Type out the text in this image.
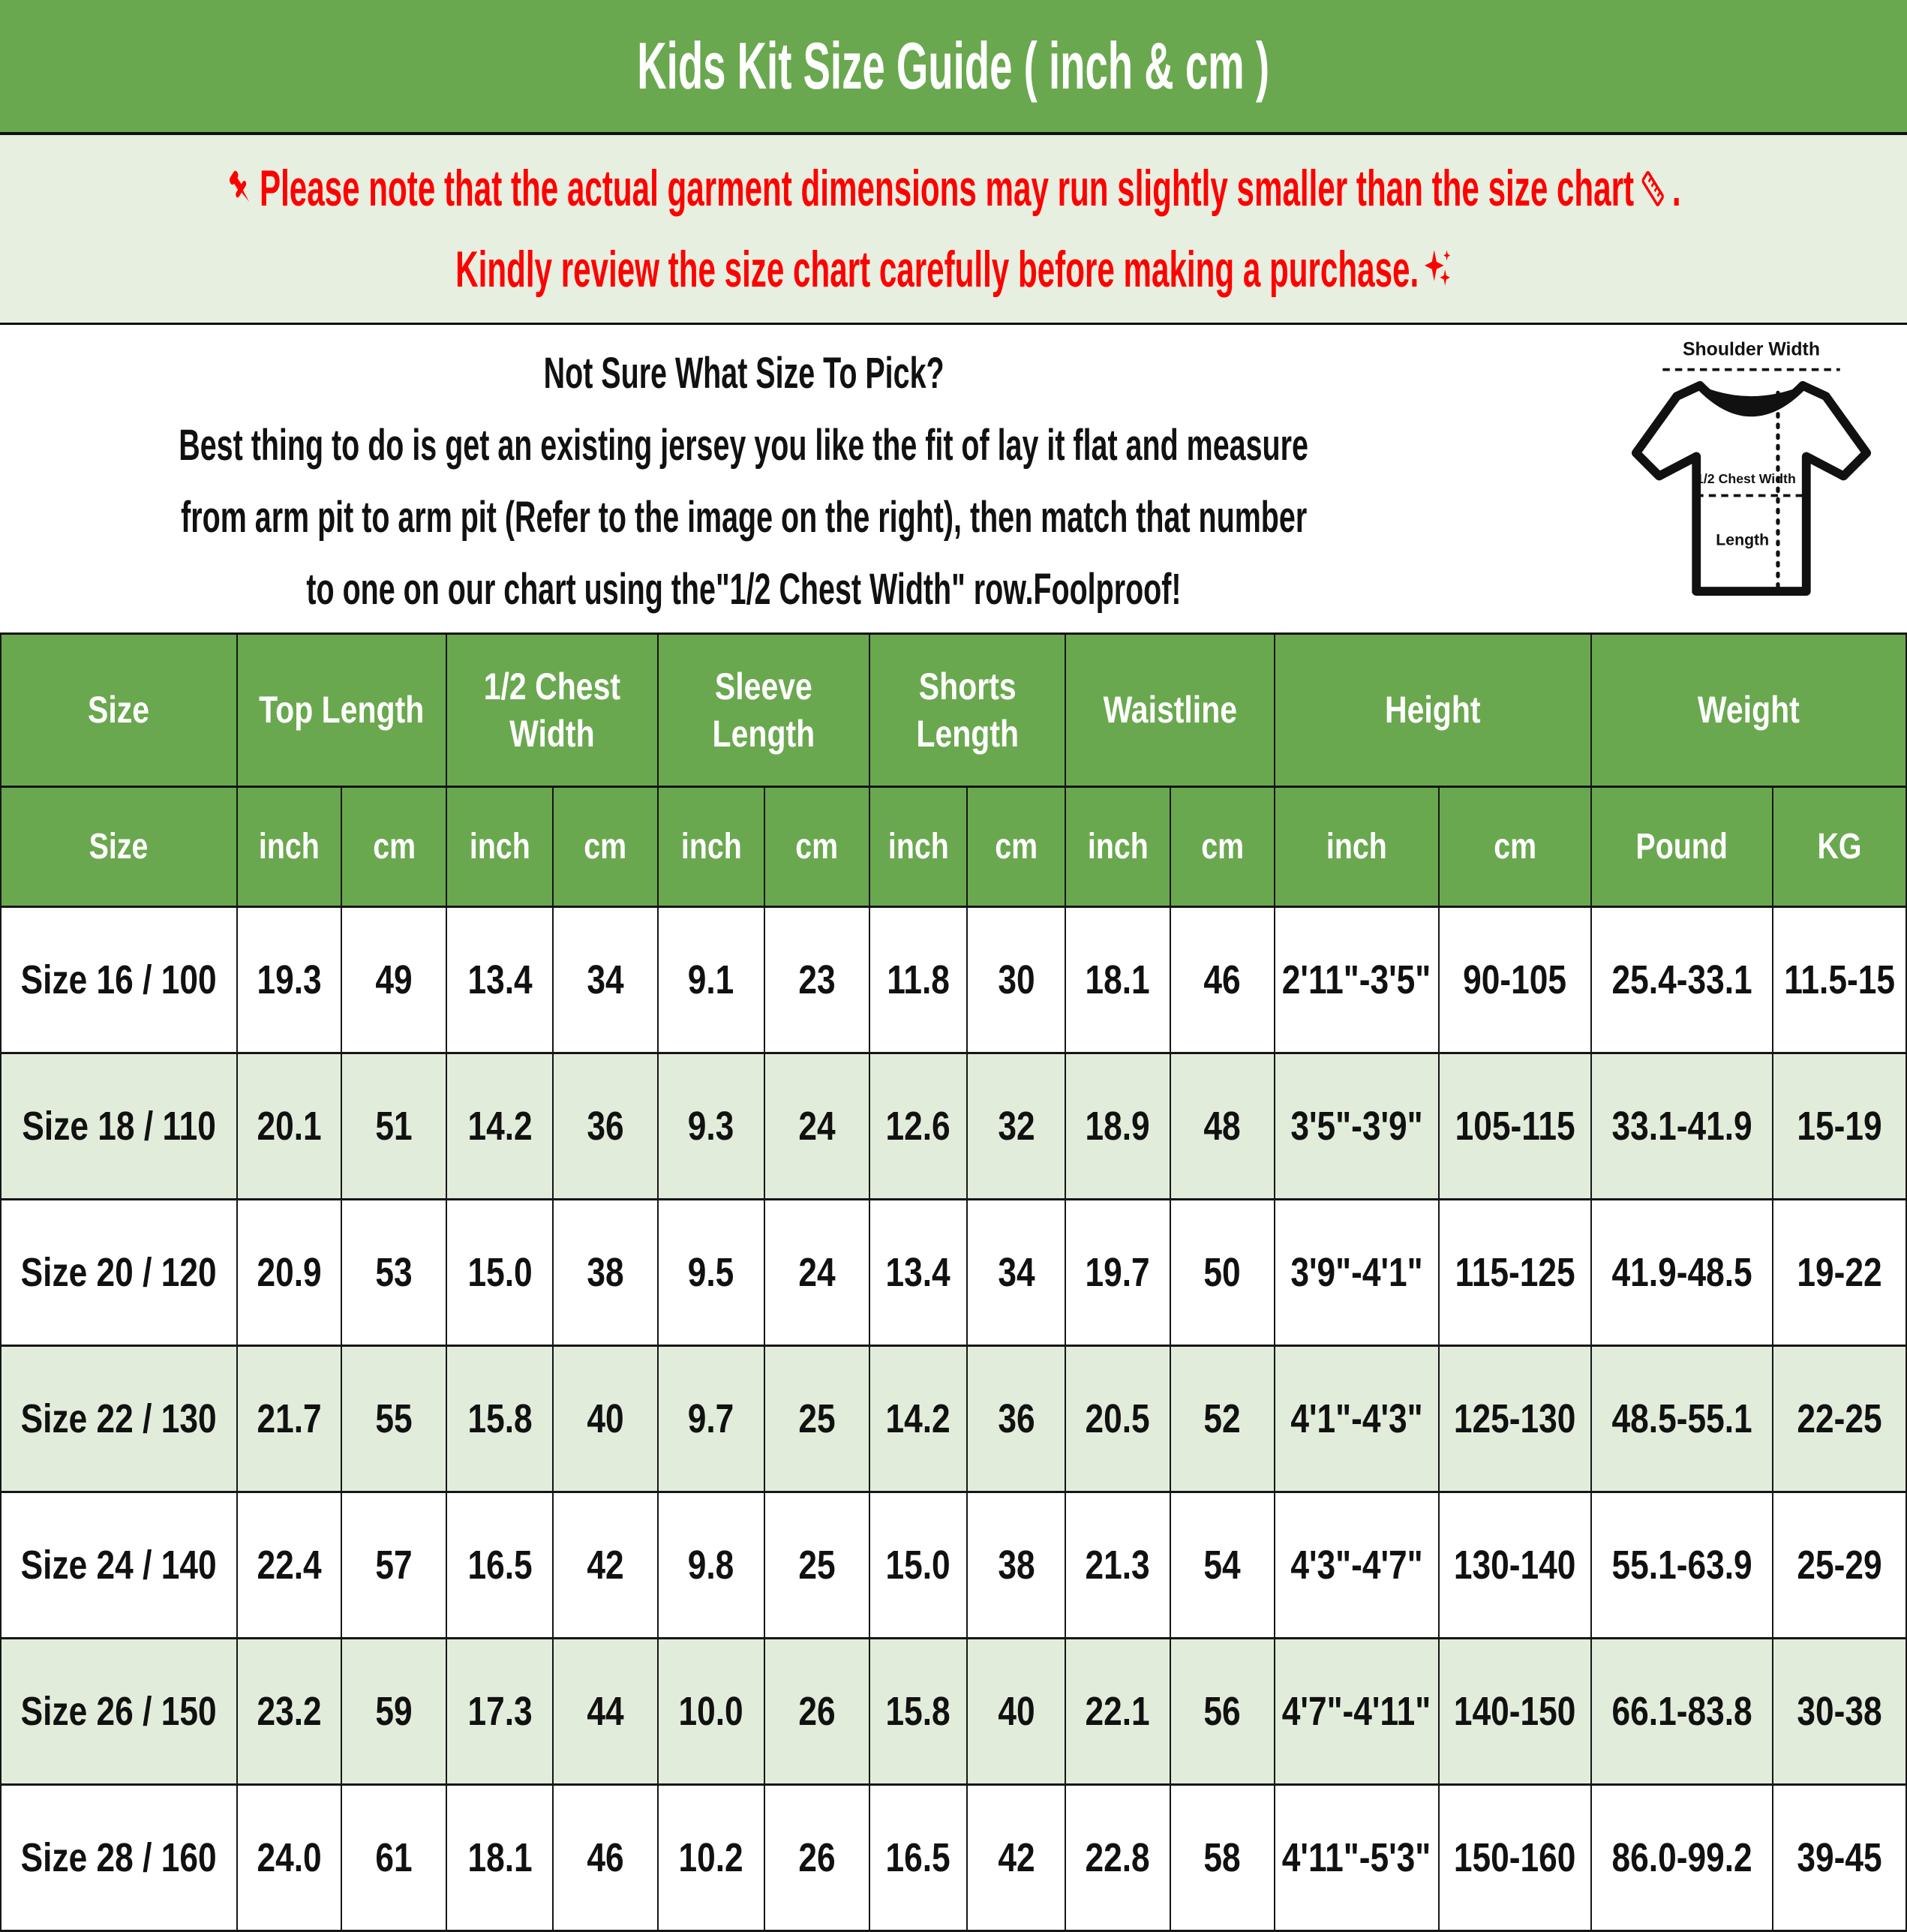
Kids Kit Size Guide ( inch & cm )
Please note that the actual garment dimensions may run slightly smaller than the size chart .
Kindly review the size chart carefully before making a purchase.
Not Sure What Size To Pick?
Best thing to do is get an existing jersey you like the fit of lay it flat and measure
from arm pit to arm pit (Refer to the image on the right), then match that number
to one on our chart using the"1/2 Chest Width" row.Foolproof!
Shoulder Width
1/2 Chest Width
Length
Size	Top Length		1/2 Chest Width		Sleeve Length		Shorts Length		Waistline		Height		Weight	

Size	inch	cm	inch	cm	inch	cm	inch	cm	inch	cm	inch	cm	Pound	KG

Size 16 / 100	19.3	49	13.4	34	9.1	23	11.8	30	18.1	46	2'11"-3'5"	90-105	25.4-33.1	11.5-15

Size 18 / 110	20.1	51	14.2	36	9.3	24	12.6	32	18.9	48	3'5"-3'9"	105-115	33.1-41.9	15-19

Size 20 / 120	20.9	53	15.0	38	9.5	24	13.4	34	19.7	50	3'9"-4'1"	115-125	41.9-48.5	19-22

Size 22 / 130	21.7	55	15.8	40	9.7	25	14.2	36	20.5	52	4'1"-4'3"	125-130	48.5-55.1	22-25

Size 24 / 140	22.4	57	16.5	42	9.8	25	15.0	38	21.3	54	4'3"-4'7"	130-140	55.1-63.9	25-29

Size 26 / 150	23.2	59	17.3	44	10.0	26	15.8	40	22.1	56	4'7"-4'11"	140-150	66.1-83.8	30-38

Size 28 / 160	24.0	61	18.1	46	10.2	26	16.5	42	22.8	58	4'11"-5'3"	150-160	86.0-99.2	39-45
